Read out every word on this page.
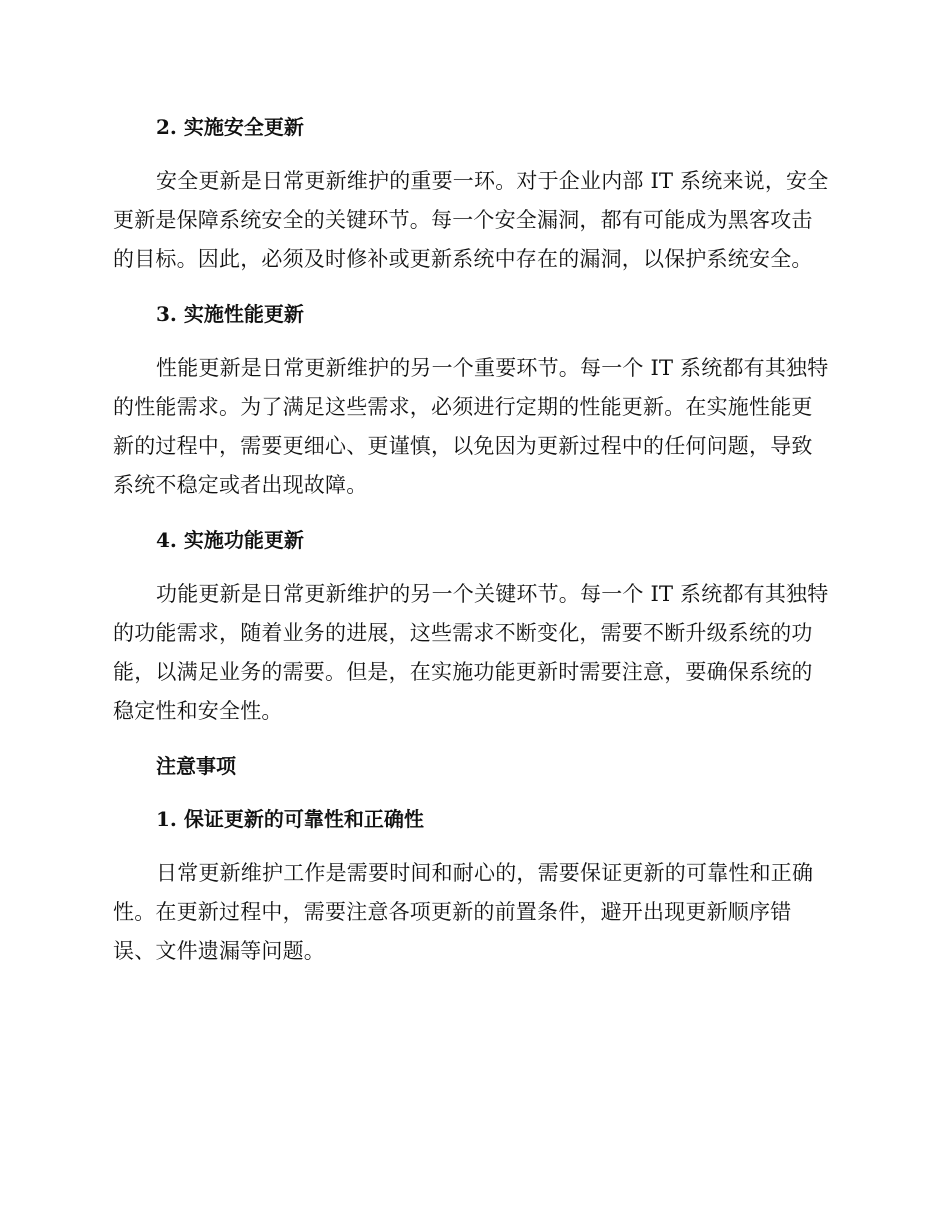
2. 实施安全更新

安全更新是日常更新维护的重要一环。对于企业内部 IT 系统来说，安全
更新是保障系统安全的关键环节。每一个安全漏洞，都有可能成为黑客攻击
的目标。因此，必须及时修补或更新系统中存在的漏洞，以保护系统安全。

3. 实施性能更新

性能更新是日常更新维护的另一个重要环节。每一个 IT 系统都有其独特
的性能需求。为了满足这些需求，必须进行定期的性能更新。在实施性能更
新的过程中，需要更细心、更谨慎，以免因为更新过程中的任何问题，导致
系统不稳定或者出现故障。

4. 实施功能更新

功能更新是日常更新维护的另一个关键环节。每一个 IT 系统都有其独特
的功能需求，随着业务的进展，这些需求不断变化，需要不断升级系统的功
能，以满足业务的需要。但是，在实施功能更新时需要注意，要确保系统的
稳定性和安全性。

注意事项
1. 保证更新的可靠性和正确性

日常更新维护工作是需要时间和耐心的，需要保证更新的可靠性和正确
性。在更新过程中，需要注意各项更新的前置条件，避开出现更新顺序错
误、文件遗漏等问题。
